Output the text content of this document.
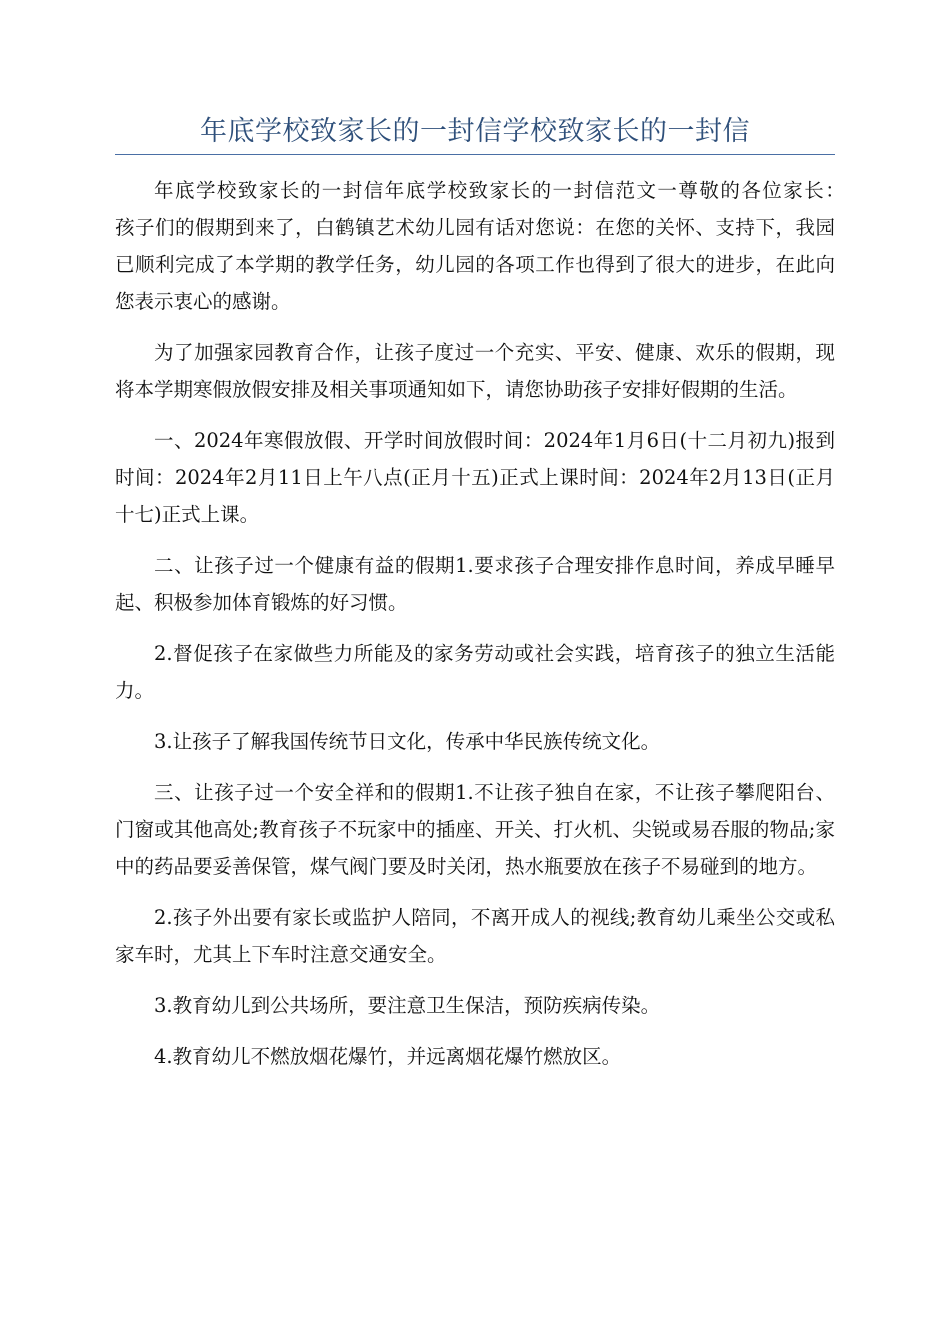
年底学校致家长的一封信学校致家长的一封信

年底学校致家长的一封信年底学校致家长的一封信范文一尊敬的各位家长：　　孩子们的假期到来了，白鹤镇艺术幼儿园有话对您说：在您的关怀、支持下，我园已顺利完成了本学期的教学任务，幼儿园的各项工作也得到了很大的进步，在此向您表示衷心的感谢。

为了加强家园教育合作，让孩子度过一个充实、平安、健康、欢乐的假期，现将本学期寒假放假安排及相关事项通知如下，请您协助孩子安排好假期的生活。

一、2024年寒假放假、开学时间放假时间：2024年1月6日(十二月初九)报到时间：2024年2月11日上午八点(正月十五)正式上课时间：2024年2月13日(正月十七)正式上课。

二、让孩子过一个健康有益的假期1.要求孩子合理安排作息时间，养成早睡早起、积极参加体育锻炼的好习惯。

2.督促孩子在家做些力所能及的家务劳动或社会实践，培育孩子的独立生活能力。

3.让孩子了解我国传统节日文化，传承中华民族传统文化。

三、让孩子过一个安全祥和的假期1.不让孩子独自在家，不让孩子攀爬阳台、门窗或其他高处;教育孩子不玩家中的插座、开关、打火机、尖锐或易吞服的物品;家中的药品要妥善保管，煤气阀门要及时关闭，热水瓶要放在孩子不易碰到的地方。

2.孩子外出要有家长或监护人陪同，不离开成人的视线;教育幼儿乘坐公交或私家车时，尤其上下车时注意交通安全。

3.教育幼儿到公共场所，要注意卫生保洁，预防疾病传染。

4.教育幼儿不燃放烟花爆竹，并远离烟花爆竹燃放区。
